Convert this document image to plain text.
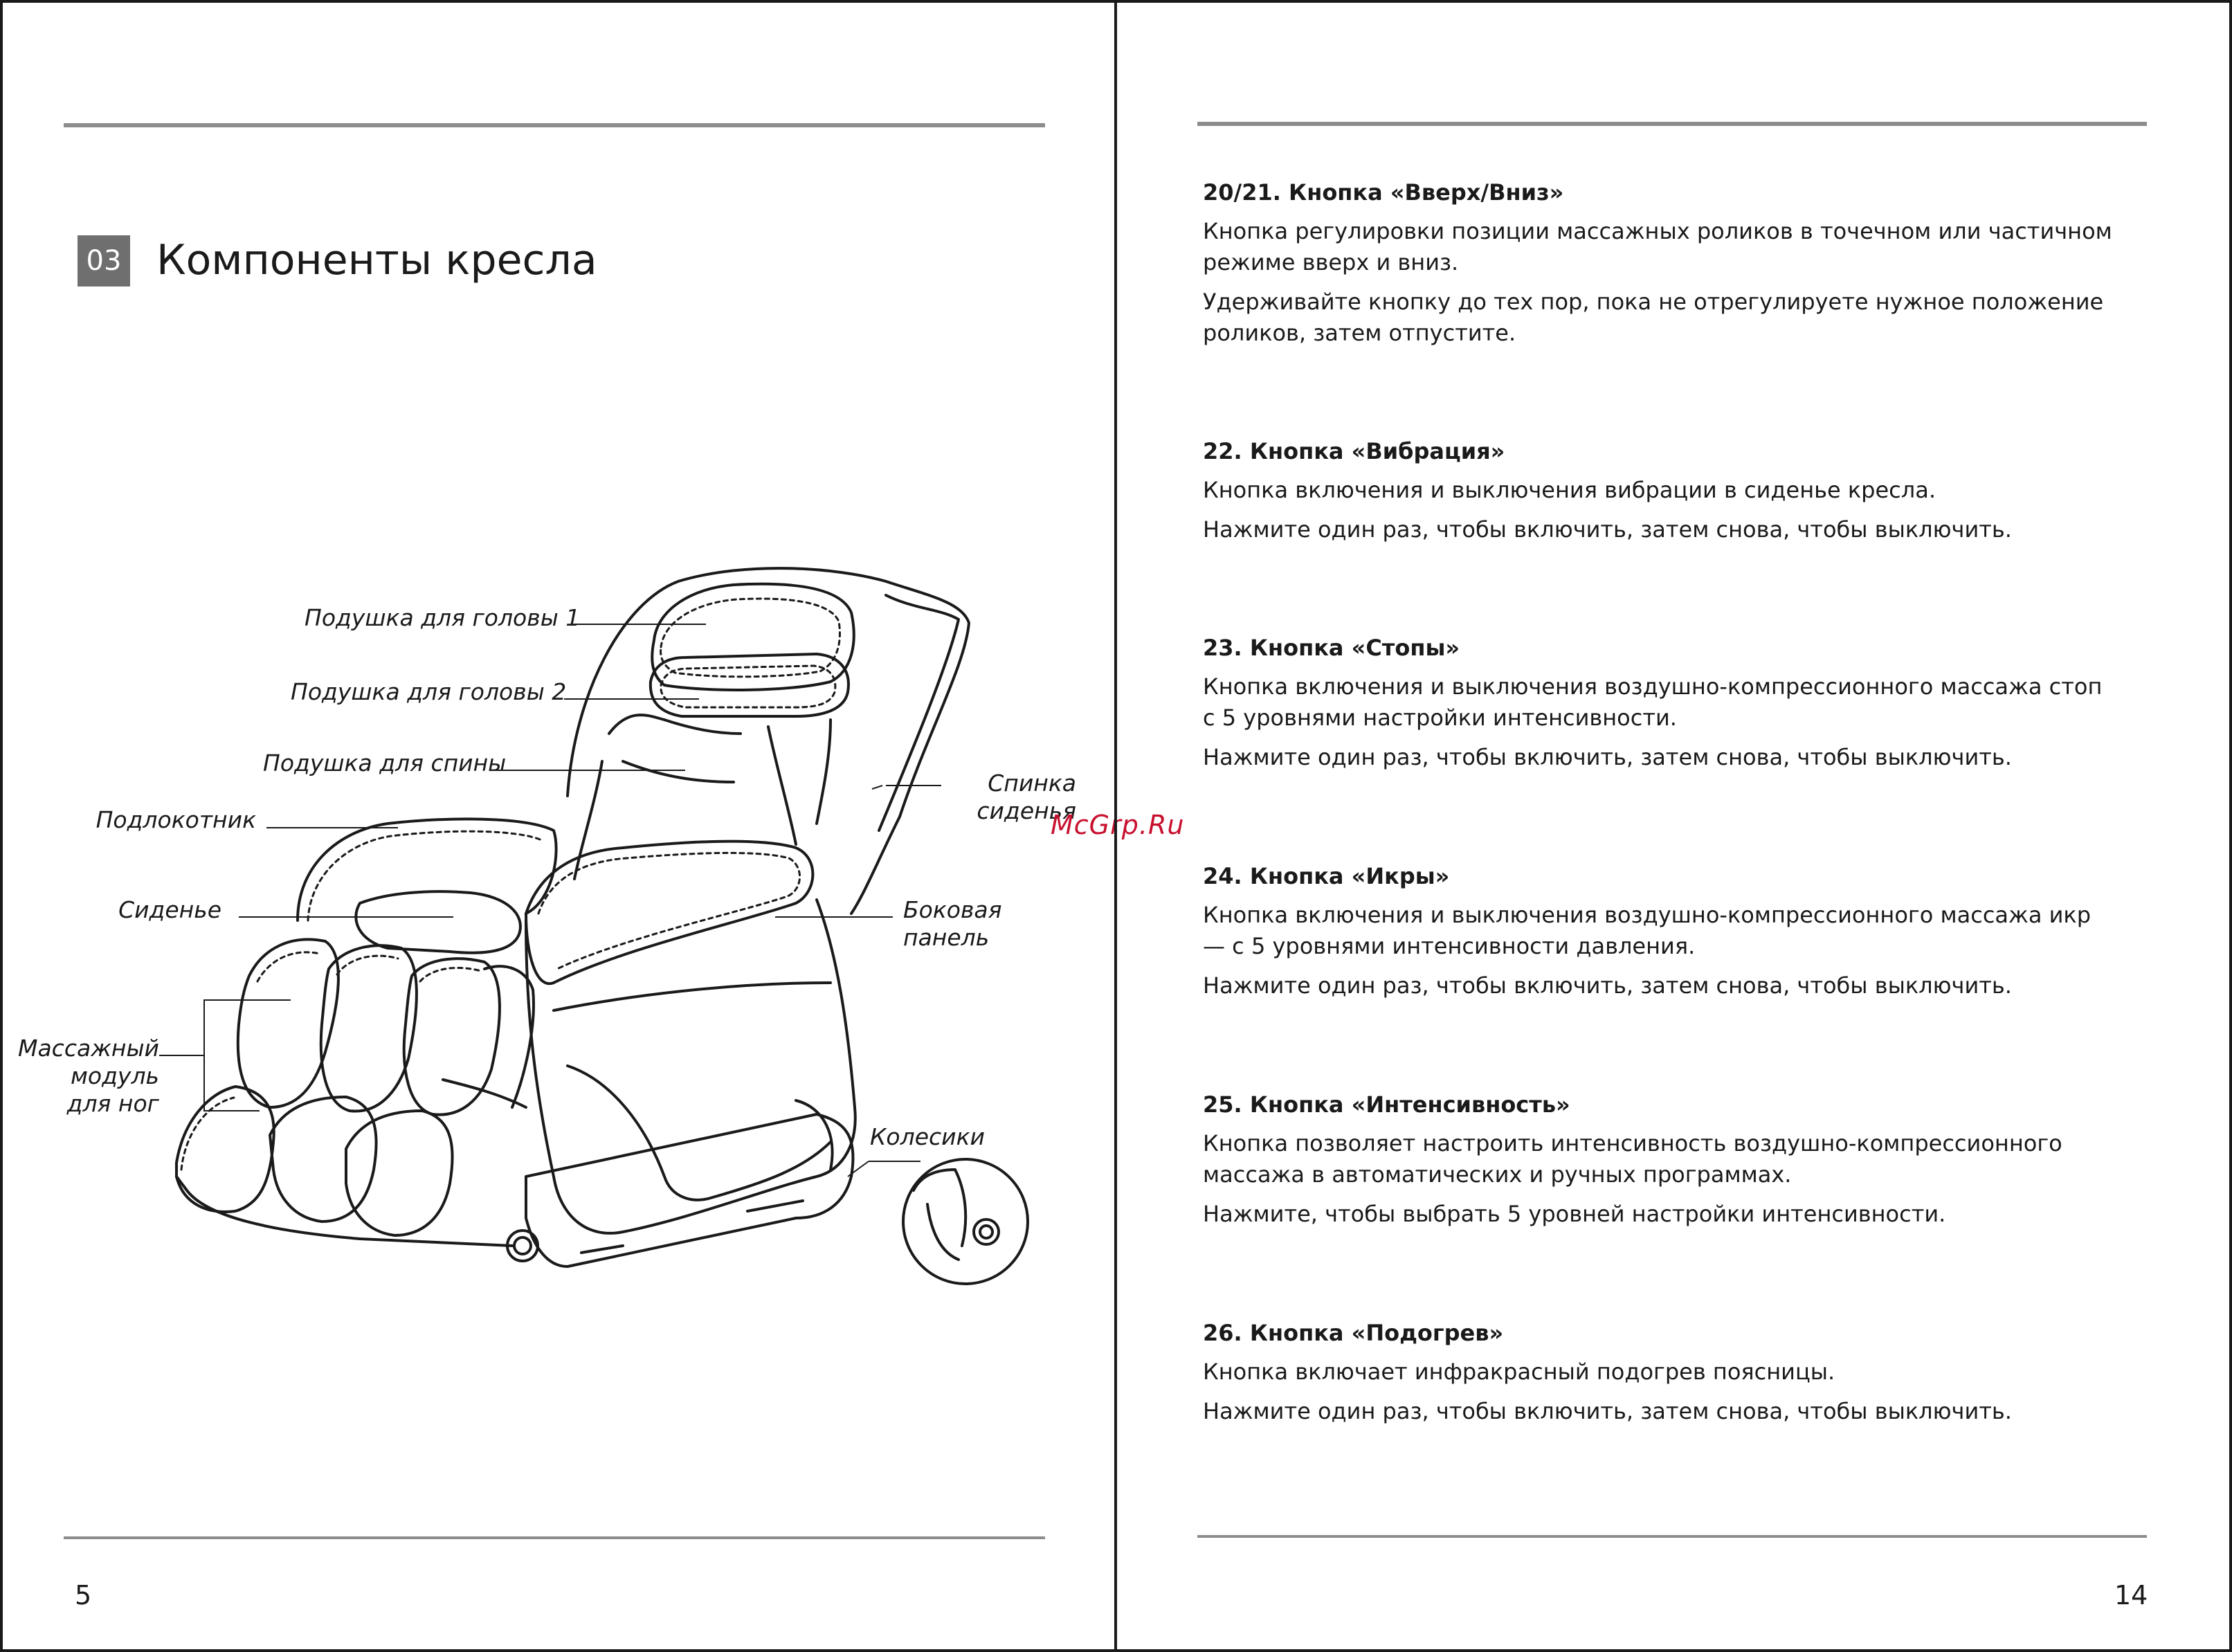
03 Компоненты кресла
Подушка для головы 1
Подушка для головы 2
Подушка для спины
Подлокотник
Сиденье
Массажный
модуль
для ног
Спинка
сиденья
Боковая
панель
Колесики
McGrp.Ru
5
20/21. Кнопка «Вверх/Вниз»

Кнопка регулировки позиции массажных роликов в точечном или частичном режиме вверх и вниз.

Удерживайте кнопку до тех пор, пока не отрегулируете нужное положение роликов, затем отпустите.

22. Кнопка «Вибрация»

Кнопка включения и выключения вибрации в сиденье кресла.

Нажмите один раз, чтобы включить, затем снова, чтобы выключить.

23. Кнопка «Стопы»

Кнопка включения и выключения воздушно-компрессионного массажа стоп с 5 уровнями настройки интенсивности.

Нажмите один раз, чтобы включить, затем снова, чтобы выключить.

24. Кнопка «Икры»

Кнопка включения и выключения воздушно-компрессионного массажа икр — с 5 уровнями интенсивности давления.

Нажмите один раз, чтобы включить, затем снова, чтобы выключить.

25. Кнопка «Интенсивность»

Кнопка позволяет настроить интенсивность воздушно-компрессионного массажа в автоматических и ручных программах.

Нажмите, чтобы выбрать 5 уровней настройки интенсивности.

26. Кнопка «Подогрев»

Кнопка включает инфракрасный подогрев поясницы.

Нажмите один раз, чтобы включить, затем снова, чтобы выключить.

14
